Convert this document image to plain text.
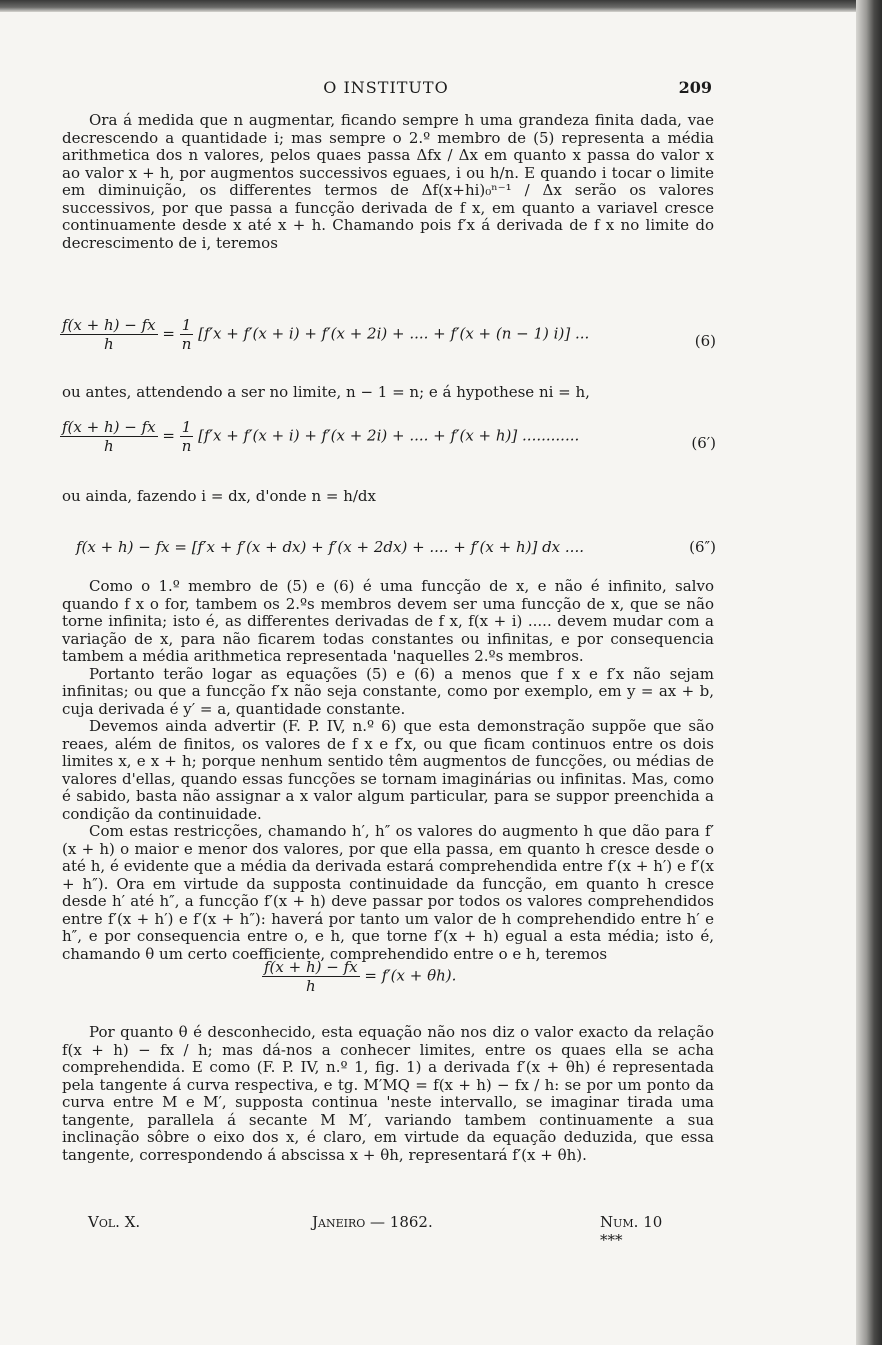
O INSTITUTO	209

Ora á medida que n augmentar, ficando sempre h uma grandeza finita dada, vae decrescendo a quantidade i; mas sempre o 2.º membro de (5) representa a média arithmetica dos n valores, pelos quaes passa Δfx / Δx em quanto x passa do valor x ao valor x + h, por augmentos successivos eguaes, i ou h/n. E quando i tocar o limite em diminuição, os differentes termos de Δf(x+hi)₀ⁿ⁻¹ / Δx serão os valores successivos, por que passa a funcção derivada de f x, em quanto a variavel cresce continuamente desde x até x + h. Chamando pois f′x á derivada de f x no limite do decrescimento de i, teremos

$\frac{f(x + h) - fx}{h} = \frac{1}{n} [f'x + f'(x + i) + f'(x + 2i)$ + .... + f′(x + (n − 1) i)] ...	(6)

ou antes, attendendo a ser no limite, n − 1 = n; e á hypothese ni = h,

$\frac{f(x + h) - fx}{h} = \frac{1}{n} [f'x + f'(x + i) + f'(x + 2i)$ + .... + f′(x + h)] ............	(6′)

ou ainda, fazendo i = dx, d'onde n = h/dx

f(x + h) − fx = [f′x + f′(x + dx) + f′(x + 2dx) + .... + f′(x + h)] dx ....	(6″)

Como o 1.º membro de (5) e (6) é uma funcção de x, e não é infinito, salvo quando f x o for, tambem os 2.ºs membros devem ser uma funcção de x, que se não torne infinita; isto é, as differentes derivadas de f x, f(x + i) ..... devem mudar com a variação de x, para não ficarem todas constantes ou infinitas, e por consequencia tambem a média arithmetica representada 'naquelles 2.ºs membros.

Portanto terão logar as equações (5) e (6) a menos que f x e f′x não sejam infinitas; ou que a funcção f′x não seja constante, como por exemplo, em y = ax + b, cuja derivada é y′ = a, quantidade constante.

Devemos ainda advertir (F. P. IV, n.º 6) que esta demonstração suppõe que são reaes, além de finitos, os valores de f x e f′x, ou que ficam continuos entre os dois limites x, e x + h; porque nenhum sentido têm augmentos de funcções, ou médias de valores d'ellas, quando essas funcções se tornam imaginárias ou infinitas. Mas, como é sabido, basta não assignar a x valor algum particular, para se suppor preenchida a condição da continuidade.

Com estas restricções, chamando h′, h″ os valores do augmento h que dão para f′(x + h) o maior e menor dos valores, por que ella passa, em quanto h cresce desde o até h, é evidente que a média da derivada estará comprehendida entre f′(x + h′) e f′(x + h″). Ora em virtude da supposta continuidade da funcção, em quanto h cresce desde h′ até h″, a funcção f′(x + h) deve passar por todos os valores comprehendidos entre f′(x + h′) e f′(x + h″): haverá por tanto um valor de h comprehendido entre h′ e h″, e por consequencia entre o, e h, que torne f′(x + h) egual a esta média; isto é, chamando θ um certo coefficiente, comprehendido entre o e h, teremos

$\frac{f(x + h) - fx}{h} = f'(x + \theta h)$.

Por quanto θ é desconhecido, esta equação não nos diz o valor exacto da relação f(x + h) − fx / h; mas dá-nos a conhecer limites, entre os quaes ella se acha comprehendida. E como (F. P. IV, n.º 1, fig. 1) a derivada f′(x + θh) é representada pela tangente á curva respectiva, e tg. M′MQ = f(x + h) − fx / h: se por um ponto da curva entre M e M′, supposta continua 'neste intervallo, se imaginar tirada uma tangente, parallela á secante M M′, variando tambem continuamente a sua inclinação sôbre o eixo dos x, é claro, em virtude da equação deduzida, que essa tangente, correspondendo á abscissa x + θh, representará f′(x + θh).

Vol. X.	Janeiro — 1862.	Num. 10 ***
